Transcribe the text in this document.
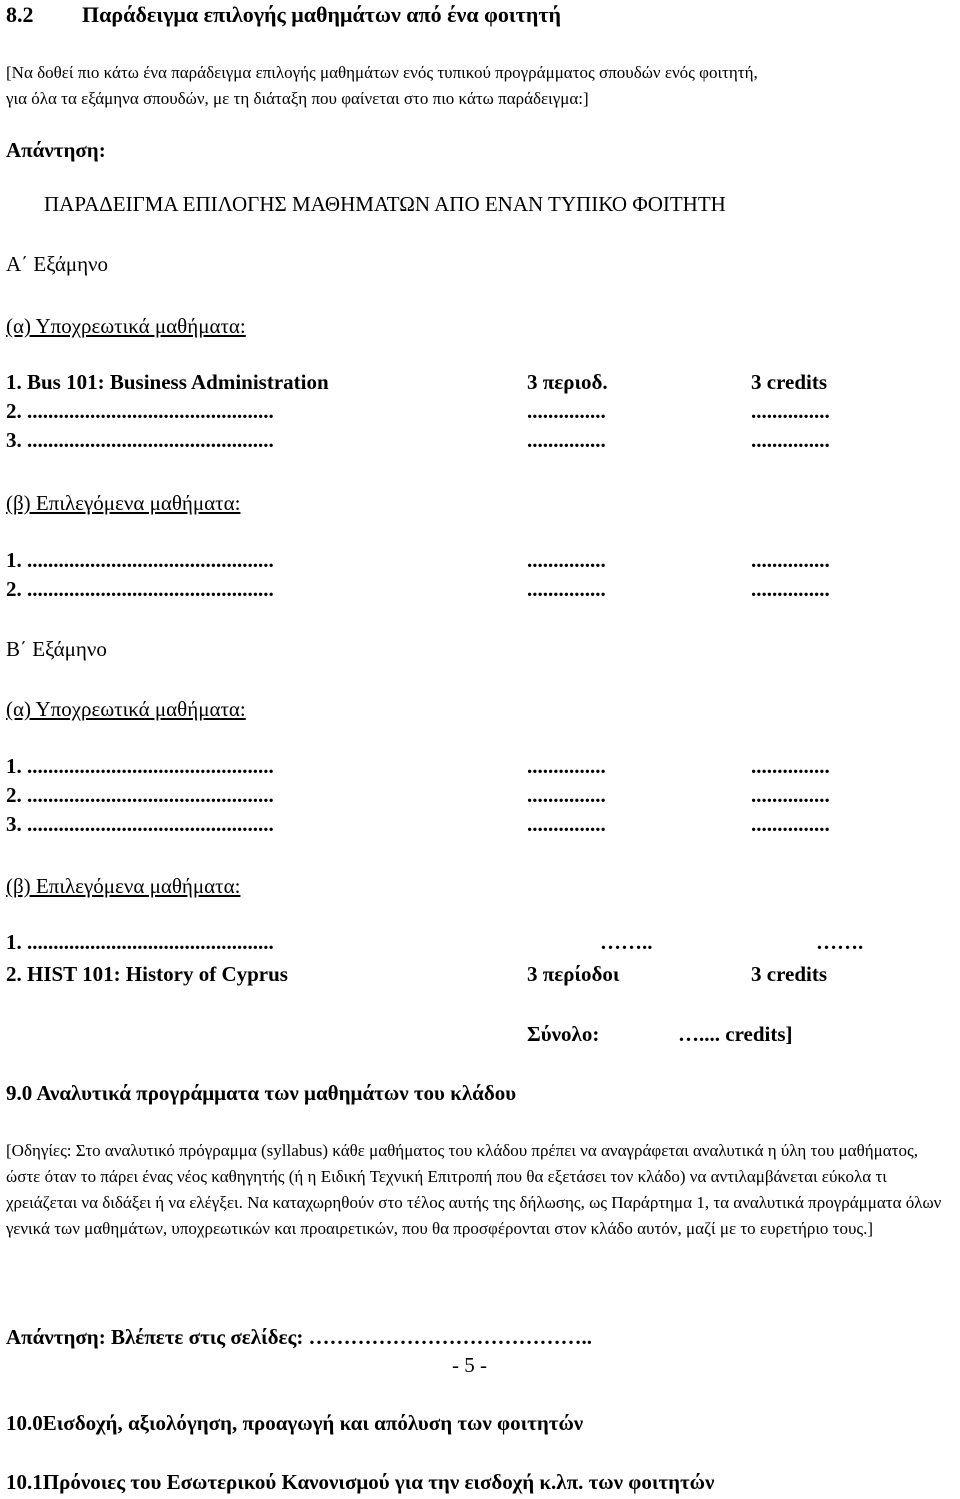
8.2 Παράδειγμα επιλογής μαθημάτων από ένα φοιτητή
[Να δοθεί πιο κάτω ένα παράδειγμα επιλογής μαθημάτων ενός τυπικού προγράμματος σπουδών ενός φοιτητή,
για όλα τα εξάμηνα σπουδών, με τη διάταξη που φαίνεται στο πιο κάτω παράδειγμα:]
Απάντηση:
ΠΑΡΑΔΕΙΓΜΑ ΕΠΙΛΟΓΗΣ ΜΑΘΗΜΑΤΩΝ ΑΠΟ ΕΝΑΝ ΤΥΠΙΚΟ ΦΟΙΤΗΤΗ
Α΄ Εξάμηνο
(α) Υποχρεωτικά μαθήματα:
1. Bus 101: Business Administration	3 περιοδ.	3 credits
2. ...............................................	...............	...............
3. ...............................................	...............	...............
(β) Επιλεγόμενα μαθήματα:
1. ...............................................	...............	...............
2. ...............................................	...............	...............
Β΄ Εξάμηνο
(α) Υποχρεωτικά μαθήματα:
1. ...............................................	...............	...............
2. ...............................................	...............	...............
3. ...............................................	...............	...............
(β) Επιλεγόμενα μαθήματα:
1. ...............................................	……..	…….
2. HIST 101: History of Cyprus	3 περίοδοι	3 credits
Σύνολο:	….... credits]
9.0 Αναλυτικά προγράμματα των μαθημάτων του κλάδου
[Οδηγίες: Στο αναλυτικό πρόγραμμα (syllabus) κάθε μαθήματος του κλάδου πρέπει να αναγράφεται αναλυτικά η ύλη του μαθήματος, ώστε όταν το πάρει ένας νέος καθηγητής (ή η Ειδική Τεχνική Επιτροπή που θα εξετάσει τον κλάδο) να αντιλαμβάνεται εύκολα τι χρειάζεται να διδάξει ή να ελέγξει. Να καταχωρηθούν στο τέλος αυτής της δήλωσης, ως Παράρτημα 1, τα αναλυτικά προγράμματα όλων γενικά των μαθημάτων, υποχρεωτικών και προαιρετικών, που θα προσφέρονται στον κλάδο αυτόν, μαζί με το ευρετήριο τους.]
Απάντηση: Βλέπετε στις σελίδες: …………………………………..
- 5 -
10.0Εισδοχή, αξιολόγηση, προαγωγή και απόλυση των φοιτητών
10.1Πρόνοιες του Εσωτερικού Κανονισμού για την εισδοχή κ.λπ. των φοιτητών
